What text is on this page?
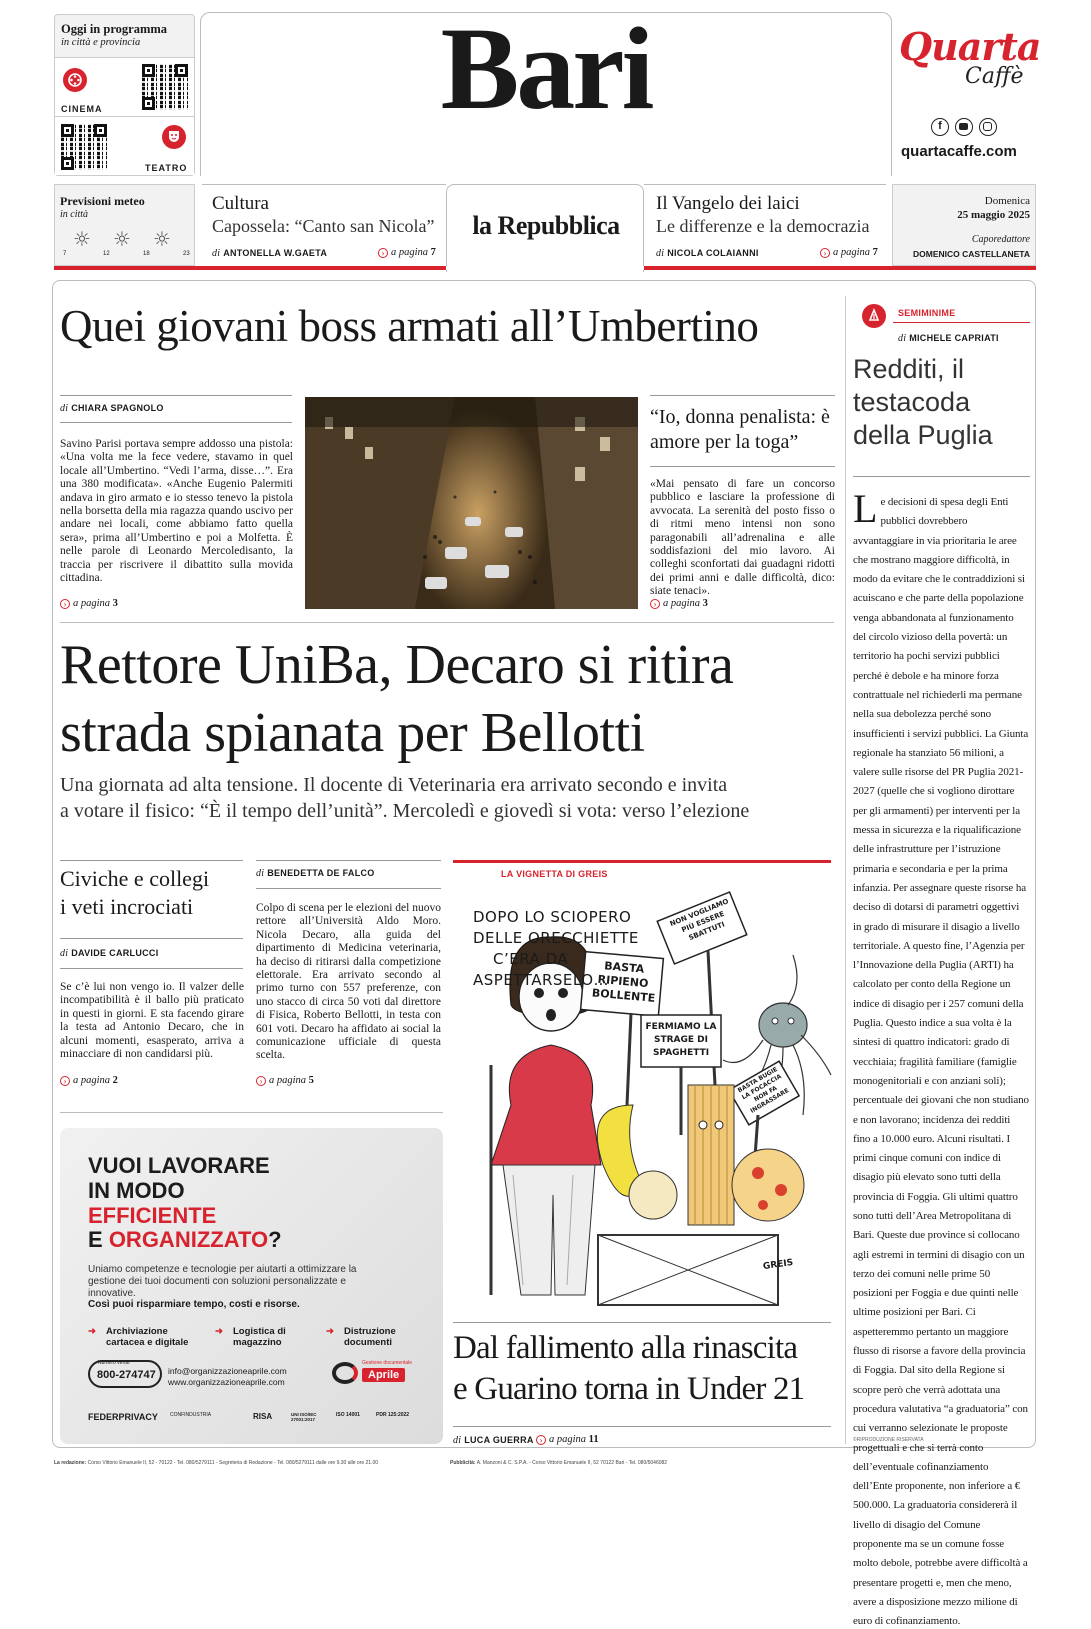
Oggi in programma
in città e provincia
CINEMA
TEATRO
Bari	Quarta
Caffè
f
quartacaffe.com
Previsioni meteo
in città
☼ ☼ ☼
7	12	18	23
Cultura
Capossela: “Canto san Nicola”
di ANTONELLA W.GAETA	› a pagina 7
la Repubblica
Il Vangelo dei laici
Le differenze e la democrazia
di NICOLA COLAIANNI	› a pagina 7
Domenica
25 maggio 2025
Caporedattore
DOMENICO CASTELLANETA
Quei giovani boss armati all’Umbertino
di CHIARA SPAGNOLO
Savino Parisi portava sempre addosso una pistola: «Una volta me la fece vedere, stavamo in quel locale all’Umbertino. “Vedi l’arma, disse…”. Era una 380 modificata». «Anche Eugenio Palermiti andava in giro armato e io stesso tenevo la pistola nella borsetta della mia ragazza quando uscivo per andare nei locali, come abbiamo fatto quella sera», prima all’Umbertino e poi a Molfetta. È nelle parole di Leonardo Mercoledisanto, la traccia per riscrivere il dibattito sulla movida cittadina.
› a pagina 3
“Io, donna penalista: è amore per la toga”
«Mai pensato di fare un concorso pubblico e lasciare la professione di avvocata. La serenità del posto fisso o di ritmi meno intensi non sono paragonabili all’adrenalina e alle soddisfazioni del mio lavoro. Ai colleghi sconfortati dai guadagni ridotti dei primi anni e dalle difficoltà, dico: siate tenaci».
› a pagina 3
Rettore UniBa, Decaro si ritira
strada spianata per Bellotti
Una giornata ad alta tensione. Il docente di Veterinaria era arrivato secondo e invita
a votare il fisico: “È il tempo dell’unità”. Mercoledì e giovedì si vota: verso l’elezione
Civiche e collegi
i veti incrociati
di DAVIDE CARLUCCI
Se c’è lui non vengo io. Il valzer delle incompatibilità è il ballo più praticato in questi in giorni. E sta facendo girare la testa ad Antonio Decaro, che in alcuni momenti, esasperato, arriva a minacciare di non candidarsi più.
› a pagina 2
di BENEDETTA DE FALCO
Colpo di scena per le elezioni del nuovo rettore all’Università Aldo Moro. Nicola Decaro, alla guida del dipartimento di Medicina veterinaria, ha deciso di ritirarsi dalla competizione elettorale. Era arrivato secondo al primo turno con 557 preferenze, con uno stacco di circa 50 voti dal direttore di Fisica, Roberto Bellotti, in testa con 601 voti. Decaro ha affidato ai social la comunicazione ufficiale di questa scelta.
› a pagina 5
LA VIGNETTA DI GREIS
DOPO LO SCIOPERO
DELLE ORECCHIETTE
C’ERA DA
ASPETTARSELO…
BASTA RIPIENO BOLLENTE
NON VOGLIAMO PIÙ ESSERE SBATTUTI
FERMIAMO LA STRAGE DI SPAGHETTI
BASTA BUGIE LA FOCACCIA NON FA INGRASSARE
GREIS
Dal fallimento alla rinascita
e Guarino torna in Under 21
di LUCA GUERRA › a pagina 11
VUOI LAVORARE
IN MODO
EFFICIENTE
E ORGANIZZATO?
Uniamo competenze e tecnologie per aiutarti a ottimizzare la gestione dei tuoi documenti con soluzioni personalizzate e innovative.
Così puoi risparmiare tempo, costi e risorse.
➜	Archiviazione cartacea e digitale
➜	Logistica di magazzino
➜	Distruzione documenti
Numero verde
800-274747 info@organizzazioneaprile.com
www.organizzazioneaprile.com
Gestione documentale
Aprile
FEDERPRIVACY CONFINDUSTRIA	RISA	UNI ISO/IEC 27001:2017
ISO 14001	PDR 125:2022
SEMIMINIME
di MICHELE CAPRIATI
Redditi, il testacoda della Puglia
L e decisioni di spesa degli Enti pubblici dovrebbero avvantaggiare in via prioritaria le aree che mostrano maggiore difficoltà, in modo da evitare che le contraddizioni si acuiscano e che parte della popolazione venga abbandonata al funzionamento del circolo vizioso della povertà: un territorio ha pochi servizi pubblici perché è debole e ha minore forza contrattuale nel richiederli ma permane nella sua debolezza perché sono insufficienti i servizi pubblici. La Giunta regionale ha stanziato 56 milioni, a valere sulle risorse del PR Puglia 2021-2027 (quelle che si vogliono dirottare per gli armamenti) per interventi per la messa in sicurezza e la riqualificazione delle infrastrutture per l’istruzione primaria e secondaria e per la prima infanzia. Per assegnare queste risorse ha deciso di dotarsi di parametri oggettivi in grado di misurare il disagio a livello territoriale. A questo fine, l’Agenzia per l’Innovazione della Puglia (ARTI) ha calcolato per conto della Regione un indice di disagio per i 257 comuni della Puglia. Questo indice a sua volta è la sintesi di quattro indicatori: grado di vecchiaia; fragilità familiare (famiglie monogenitoriali e con anziani soli); percentuale dei giovani che non studiano e non lavorano; incidenza dei redditi fino a 10.000 euro. Alcuni risultati. I primi cinque comuni con indice di disagio più elevato sono tutti della provincia di Foggia. Gli ultimi quattro sono tutti dell’Area Metropolitana di Bari. Queste due province si collocano agli estremi in termini di disagio con un terzo dei comuni nelle prime 50 posizioni per Foggia e due quinti nelle ultime posizioni per Bari. Ci aspetteremmo pertanto un maggiore flusso di risorse a favore della provincia di Foggia. Dal sito della Regione si scopre però che verrà adottata una procedura valutativa “a graduatoria” con cui verranno selezionate le proposte progettuali e che si terrà conto dell’eventuale cofinanziamento dell’Ente proponente, non inferiore a € 500.000. La graduatoria considererà il livello di disagio del Comune proponente ma se un comune fosse molto debole, potrebbe avere difficoltà a presentare progetti e, men che meno, avere a disposizione mezzo milione di euro di cofinanziamento.
©RIPRODUZIONE RISERVATA
La redazione: Corso Vittorio Emanuele II, 52 - 70122 - Tel. 080/5279111 - Segreteria di Redazione - Tel. 080/5279111 dalle ore 9.30 alle ore 21.00	Pubblicità: A. Manzoni & C. S.P.A. - Corso Vittorio Emanuele II, 52 70122 Bari - Tel. 080/5046082
